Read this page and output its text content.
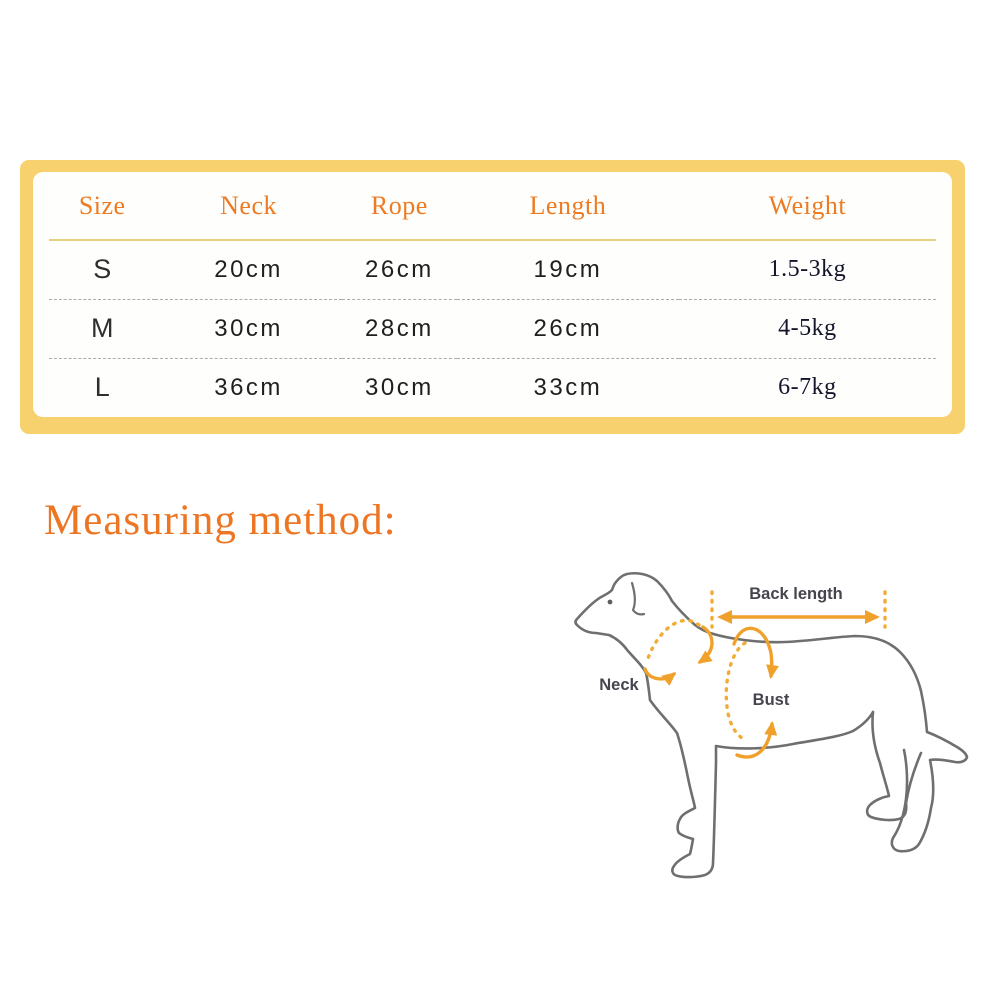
Size	Neck	Rope	Length	Weight
S	20cm	26cm	19cm	1.5-3kg
M	30cm	28cm	26cm	4-5kg
L	36cm	30cm	33cm	6-7kg
Measuring method:
Back length
Neck
Bust
